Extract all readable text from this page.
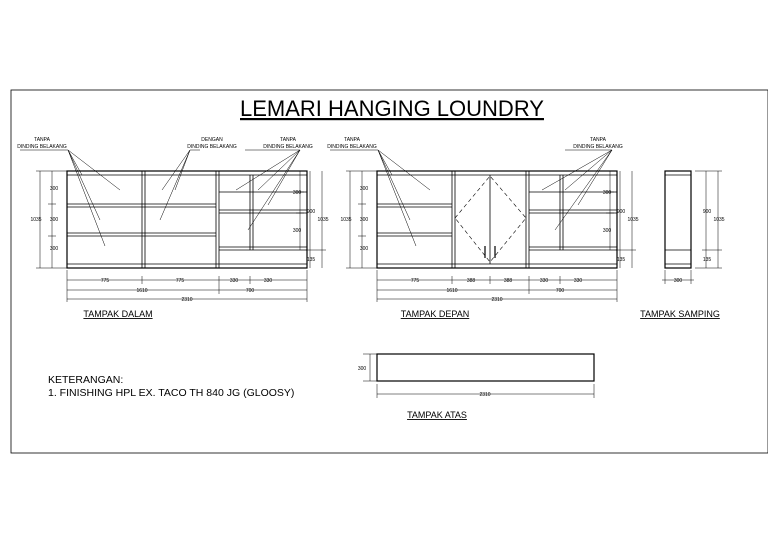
LEMARI HANGING LOUNDRY
TANPA
DINDING BELAKANG
DENGAN
DINDING BELAKANG
TANPA
DINDING BELAKANG
1035
300
300
300
300
300
900
1035
135
775	775	330	330
1610	700
2310
TAMPAK DALAM
TANPA
DINDING BELAKANG
TANPA
DINDING BELAKANG
1035
300
300
300
300
300
900
1035
135
775	388	388	330	330
1610	700
2310
TAMPAK DEPAN
900
1035
135
300
TAMPAK SAMPING
300
2310
TAMPAK ATAS
KETERANGAN:
1. FINISHING HPL EX. TACO TH 840 JG (GLOOSY)
